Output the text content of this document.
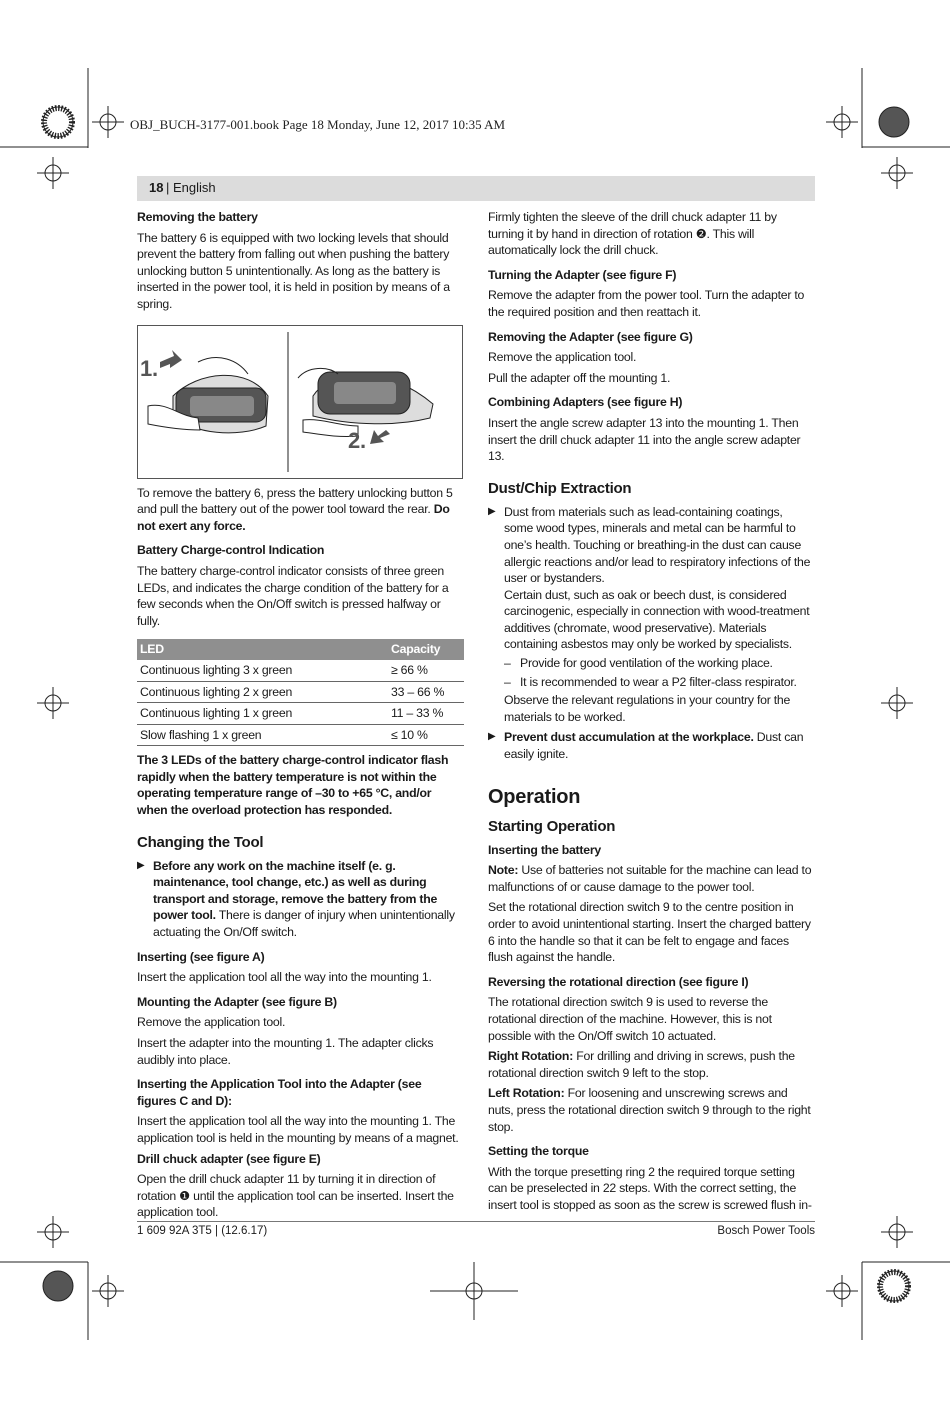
OBJ_BUCH-3177-001.book Page 18 Monday, June 12, 2017 10:35 AM
18 | English
Removing the battery

The battery 6 is equipped with two locking levels that should prevent the battery from falling out when pushing the battery unlocking button 5 unintentionally. As long as the battery is inserted in the power tool, it is held in position by means of a spring.

1.
2.

To remove the battery 6, press the battery unlocking button 5 and pull the battery out of the power tool toward the rear. Do not exert any force.

Battery Charge-control Indication

The battery charge-control indicator consists of three green LEDs, and indicates the charge condition of the battery for a few seconds when the On/Off switch is pressed halfway or fully.

LED	Capacity
Continuous lighting 3 x green	≥ 66 %
Continuous lighting 2 x green	33 – 66 %
Continuous lighting 1 x green	11 – 33 %
Slow flashing 1 x green	≤ 10 %

The 3 LEDs of the battery charge-control indicator flash rapidly when the battery temperature is not within the operating temperature range of –30 to +65 °C, and/or when the overload protection has responded.

Changing the Tool
▶ Before any work on the machine itself (e. g. maintenance, tool change, etc.) as well as during transport and storage, remove the battery from the power tool. There is danger of injury when unintentionally actuating the On/Off switch.
Inserting (see figure A)

Insert the application tool all the way into the mounting 1.

Mounting the Adapter (see figure B)

Remove the application tool.

Insert the adapter into the mounting 1. The adapter clicks audibly into place.

Inserting the Application Tool into the Adapter (see figures C and D):

Insert the application tool all the way into the mounting 1. The application tool is held in the mounting by means of a magnet.

Drill chuck adapter (see figure E)

Open the drill chuck adapter 11 by turning it in direction of rotation ❶ until the application tool can be inserted. Insert the application tool.

Firmly tighten the sleeve of the drill chuck adapter 11 by turning it by hand in direction of rotation ❷. This will automatically lock the drill chuck.

Turning the Adapter (see figure F)

Remove the adapter from the power tool. Turn the adapter to the required position and then reattach it.

Removing the Adapter (see figure G)

Remove the application tool.

Pull the adapter off the mounting 1.

Combining Adapters (see figure H)

Insert the angle screw adapter 13 into the mounting 1. Then insert the drill chuck adapter 11 into the angle screw adapter 13.

Dust/Chip Extraction
▶ Dust from materials such as lead-containing coatings, some wood types, minerals and metal can be harmful to one’s health. Touching or breathing-in the dust can cause allergic reactions and/or lead to respiratory infections of the user or bystanders.
Certain dust, such as oak or beech dust, is considered carcinogenic, especially in connection with wood-treatment additives (chromate, wood preservative). Materials containing asbestos may only be worked by specialists.
– Provide for good ventilation of the working place.
– It is recommended to wear a P2 filter-class respirator.
Observe the relevant regulations in your country for the materials to be worked.
▶ Prevent dust accumulation at the workplace. Dust can easily ignite.
Operation
Starting Operation
Inserting the battery

Note: Use of batteries not suitable for the machine can lead to malfunctions of or cause damage to the power tool.

Set the rotational direction switch 9 to the centre position in order to avoid unintentional starting. Insert the charged battery 6 into the handle so that it can be felt to engage and faces flush against the handle.

Reversing the rotational direction (see figure I)

The rotational direction switch 9 is used to reverse the rotational direction of the machine. However, this is not possible with the On/Off switch 10 actuated.

Right Rotation: For drilling and driving in screws, push the rotational direction switch 9 left to the stop.

Left Rotation: For loosening and unscrewing screws and nuts, press the rotational direction switch 9 through to the right stop.

Setting the torque

With the torque presetting ring 2 the required torque setting can be preselected in 22 steps. With the correct setting, the insert tool is stopped as soon as the screw is screwed flush in-

1 609 92A 3T5 | (12.6.17)	Bosch Power Tools
